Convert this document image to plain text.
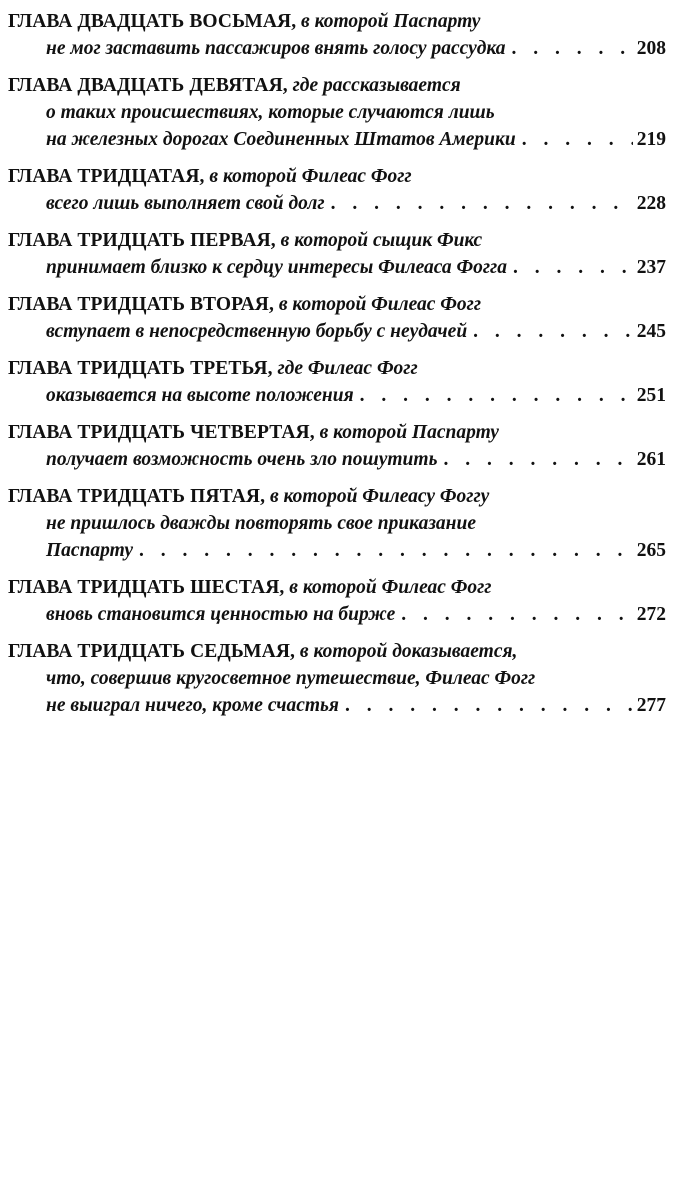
ГЛАВА ДВАДЦАТЬ ВОСЬМАЯ, в которой Паспарту
не мог заставить пассажиров внять голосу рассудка . . .	208
ГЛАВА ДВАДЦАТЬ ДЕВЯТАЯ, где рассказывается
о таких происшествиях, которые случаются лишь
на железных дорогах Соединенных Штатов Америки . . .	219
ГЛАВА ТРИДЦАТАЯ, в которой Филеас Фогг
всего лишь выполняет свой долг . . .	228
ГЛАВА ТРИДЦАТЬ ПЕРВАЯ, в которой сыщик Фикс
принимает близко к сердцу интересы Филеаса Фогга . . .	237
ГЛАВА ТРИДЦАТЬ ВТОРАЯ, в которой Филеас Фогг
вступает в непосредственную борьбу с неудачей . . .	245
ГЛАВА ТРИДЦАТЬ ТРЕТЬЯ, где Филеас Фогг
оказывается на высоте положения . . .	251
ГЛАВА ТРИДЦАТЬ ЧЕТВЕРТАЯ, в которой Паспарту
получает возможность очень зло пошутить . . .	261
ГЛАВА ТРИДЦАТЬ ПЯТАЯ, в которой Филеасу Фоггу
не пришлось дважды повторять свое приказание
Паспарту . . .	265
ГЛАВА ТРИДЦАТЬ ШЕСТАЯ, в которой Филеас Фогг
вновь становится ценностью на бирже . . .	272
ГЛАВА ТРИДЦАТЬ СЕДЬМАЯ, в которой доказывается,
что, совершив кругосветное путешествие, Филеас Фогг
не выиграл ничего, кроме счастья . . .	277
